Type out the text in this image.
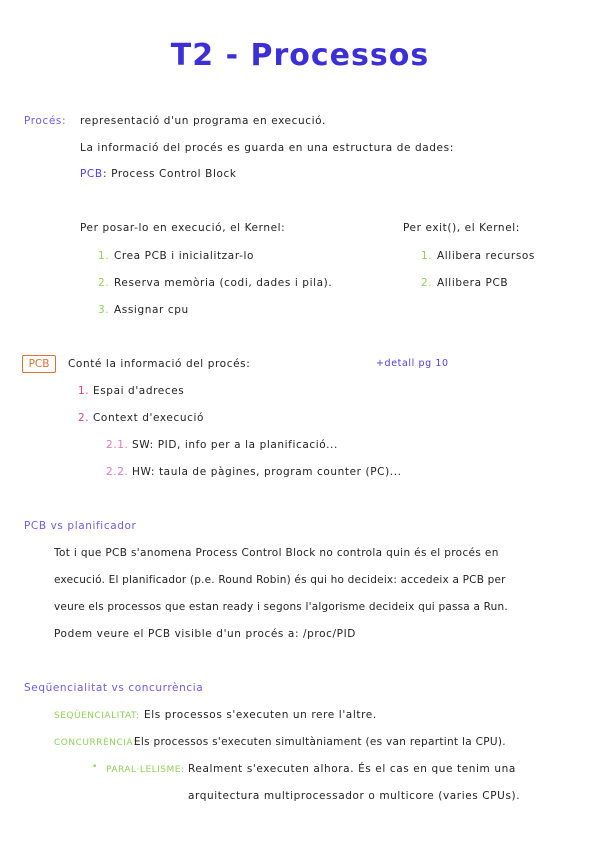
T2 - Processos
Procés: representació d'un programa en execució.
La informació del procés es guarda en una estructura de dades:
PCB : Process Control Block
Per posar-lo en execució, el Kernel:
1. Crea PCB i inicialitzar-lo
2. Reserva memòria (codi, dades i pila).
3. Assignar cpu
Per exit(), el Kernel:
1. Allibera recursos
2. Allibera PCB
PCB	Conté la informació del procés:	+detall pg 10
1. Espai d'adreces
2. Context d'execució
2.1. SW: PID, info per a la planificació...
2.2. HW: taula de pàgines, program counter (PC)...
PCB vs planificador
Tot i que PCB s'anomena Process Control Block no controla quin és el procés en
execució. El planificador (p.e. Round Robin) és qui ho decideix: accedeix a PCB per
veure els processos que estan ready i segons l'algorisme decideix qui passa a Run.
Podem veure el PCB visible d'un procés a: /proc/PID
Seqüencialitat vs concurrència
SEQÜENCIALITAT: Els processos s'executen un rere l'altre.
CONCURRÈNCIA:
Els processos s'executen simultàniament (es van repartint la CPU).
• PARAL·LELISME: Realment s'executen alhora. És el cas en que tenim una
arquitectura multiprocessador o multicore (varies CPUs).
